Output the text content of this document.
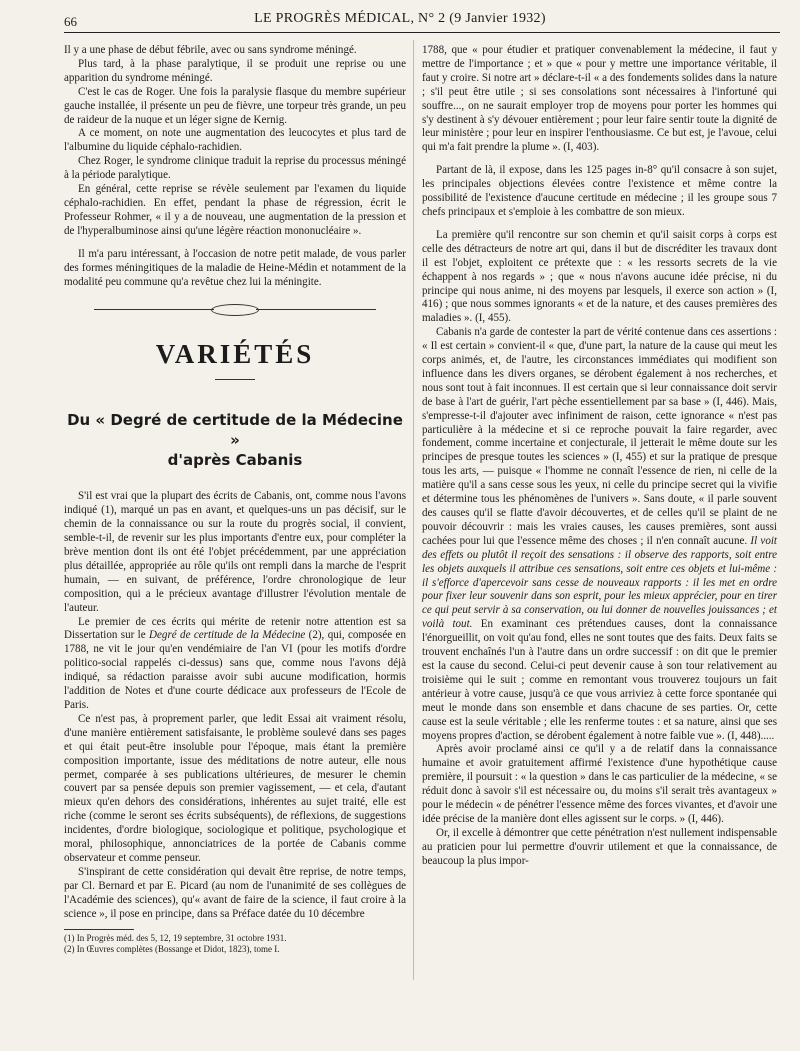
66	LE PROGRÈS MÉDICAL, N° 2 (9 Janvier 1932)

Il y a une phase de début fébrile, avec ou sans syndrome méningé.

Plus tard, à la phase paralytique, il se produit une reprise ou une apparition du syndrome méningé.

C'est le cas de Roger. Une fois la paralysie flasque du membre supérieur gauche installée, il présente un peu de fièvre, une torpeur très grande, un peu de raideur de la nuque et un léger signe de Kernig.

A ce moment, on note une augmentation des leucocytes et plus tard de l'albumine du liquide céphalo-rachidien.

Chez Roger, le syndrome clinique traduit la reprise du processus méningé à la période paralytique.

En général, cette reprise se révèle seulement par l'examen du liquide céphalo-rachidien. En effet, pendant la phase de régression, écrit le Professeur Rohmer, « il y a de nouveau, une augmentation de la pression et de l'hyperalbuminose ainsi qu'une légère réaction mononucléaire ».

Il m'a paru intéressant, à l'occasion de notre petit malade, de vous parler des formes méningitiques de la maladie de Heine-Médin et notamment de la modalité peu commune qu'a revêtue chez lui la méningite.

VARIÉTÉS
Du « Degré de certitude de la Médecine »
d'après Cabanis

S'il est vrai que la plupart des écrits de Cabanis, ont, comme nous l'avons indiqué (1), marqué un pas en avant, et quelques-uns un pas décisif, sur le chemin de la connaissance ou sur la route du progrès social, il convient, semble-t-il, de revenir sur les plus importants d'entre eux, pour compléter la brève mention dont ils ont été l'objet précédemment, par une appréciation plus détaillée, appropriée au rôle qu'ils ont rempli dans la marche de l'esprit humain, — en suivant, de préférence, l'ordre chronologique de leur composition, qui a le précieux avantage d'illustrer l'évolution mentale de l'auteur.

Le premier de ces écrits qui mérite de retenir notre attention est sa Dissertation sur le Degré de certitude de la Médecine (2), qui, composée en 1788, ne vit le jour qu'en vendémiaire de l'an VI (pour les motifs d'ordre politico-social rappelés ci-dessus) sans que, comme nous l'avons déjà indiqué, sa rédaction paraisse avoir subi aucune modification, hormis l'addition de Notes et d'une courte dédicace aux professeurs de l'Ecole de Paris.

Ce n'est pas, à proprement parler, que ledit Essai ait vraiment résolu, d'une manière entièrement satisfaisante, le problème soulevé dans ses pages et qui était peut-être insoluble pour l'époque, mais étant la première composition importante, issue des méditations de notre auteur, elle nous permet, comparée à ses publications ultérieures, de mesurer le chemin couvert par sa pensée depuis son premier vagissement, — et cela, d'autant mieux qu'en dehors des considérations, inhérentes au sujet traité, elle est riche (comme le seront ses écrits subséquents), de réflexions, de suggestions incidentes, d'ordre biologique, sociologique et politique, psychologique et moral, philosophique, annonciatrices de la portée de Cabanis comme observateur et comme penseur.

S'inspirant de cette considération qui devait être reprise, de notre temps, par Cl. Bernard et par E. Picard (au nom de l'unanimité de ses collègues de l'Académie des sciences), qu'« avant de faire de la science, il faut croire à la science », il pose en principe, dans sa Préface datée du 10 décembre

(1) In Progrès méd. des 5, 12, 19 septembre, 31 octobre 1931.

(2) In Œuvres complètes (Bossange et Didot, 1823), tome I.

1788, que « pour étudier et pratiquer convenablement la médecine, il faut y mettre de l'importance ; et » que « pour y mettre une importance véritable, il faut y croire. Si notre art » déclare-t-il « a des fondements solides dans la nature ; s'il peut être utile ; si ses consolations sont nécessaires à l'infortuné qui souffre..., on ne saurait employer trop de moyens pour porter les hommes qui s'y destinent à s'y dévouer entièrement ; pour leur faire sentir toute la dignité de leur ministère ; pour leur en inspirer l'enthousiasme. Ce but est, je l'avoue, celui qui m'a fait prendre la plume ». (I, 403).

Partant de là, il expose, dans les 125 pages in-8° qu'il consacre à son sujet, les principales objections élevées contre l'existence et même contre la possibilité de l'existence d'aucune certitude en médecine ; il les groupe sous 7 chefs principaux et s'emploie à les combattre de son mieux.

La première qu'il rencontre sur son chemin et qu'il saisit corps à corps est celle des détracteurs de notre art qui, dans il but de discréditer les travaux dont il est l'objet, exploitent ce prétexte que : « les ressorts secrets de la vie échappent à nos regards » ; que « nous n'avons aucune idée précise, ni du principe qui nous anime, ni des moyens par lesquels, il exerce son action » (I, 416) ; que nous sommes ignorants « et de la nature, et des causes premières des maladies ». (I, 455).

Cabanis n'a garde de contester la part de vérité contenue dans ces assertions : « Il est certain » convient-il « que, d'une part, la nature de la cause qui meut les corps animés, et, de l'autre, les circonstances immédiates qui modifient son influence dans les divers organes, se dérobent également à nos recherches, et nous sont tout à fait inconnues. Il est certain que si leur connaissance doit servir de base à l'art de guérir, l'art pèche essentiellement par sa base » (I, 446). Mais, s'empresse-t-il d'ajouter avec infiniment de raison, cette ignorance « n'est pas particulière à la médecine et si ce reproche pouvait la faire regarder, avec fondement, comme incertaine et conjecturale, il jetterait le même doute sur les principes de presque toutes les sciences » (I, 455) et sur la pratique de presque tous les arts, — puisque « l'homme ne connaît l'essence de rien, ni celle de la matière qu'il a sans cesse sous les yeux, ni celle du principe secret qui la vivifie et détermine tous les phénomènes de l'univers ». Sans doute, « il parle souvent des causes qu'il se flatte d'avoir découvertes, et de celles qu'il se plaint de ne pouvoir découvrir : mais les vraies causes, les causes premières, sont aussi cachées pour lui que l'essence même des choses ; il n'en connaît aucune. Il voit des effets ou plutôt il reçoit des sensations : il observe des rapports, soit entre les objets auxquels il attribue ces sensations, soit entre ces objets et lui-même : il s'efforce d'apercevoir sans cesse de nouveaux rapports : il les met en ordre pour fixer leur souvenir dans son esprit, pour les mieux apprécier, pour en tirer ce qui peut servir à sa conservation, ou lui donner de nouvelles jouissances ; et voilà tout. En examinant ces prétendues causes, dont la connaissance l'énorgueillit, on voit qu'au fond, elles ne sont toutes que des faits. Deux faits se trouvent enchaînés l'un à l'autre dans un ordre successif : on dit que le premier est la cause du second. Celui-ci peut devenir cause à son tour relativement au troisième qui le suit ; comme en remontant vous trouverez toujours un fait antérieur à votre cause, jusqu'à ce que vous arriviez à cette force spontanée qui meut le monde dans son ensemble et dans chacune de ses parties. Or, cette cause est la seule véritable ; elle les renferme toutes : et sa nature, ainsi que ses moyens propres d'action, se dérobent également à notre faible vue ». (I, 448).....

Après avoir proclamé ainsi ce qu'il y a de relatif dans la connaissance humaine et avoir gratuitement affirmé l'existence d'une hypothétique cause première, il poursuit : « la question » dans le cas particulier de la médecine, « se réduit donc à savoir s'il est nécessaire ou, du moins s'il serait très avantageux » pour le médecin « de pénétrer l'essence même des forces vivantes, et d'avoir une idée précise de la manière dont elles agissent sur le corps. » (I, 446).

Or, il excelle à démontrer que cette pénétration n'est nullement indispensable au praticien pour lui permettre d'ouvrir utilement et que la connaissance, de beaucoup la plus impor-
